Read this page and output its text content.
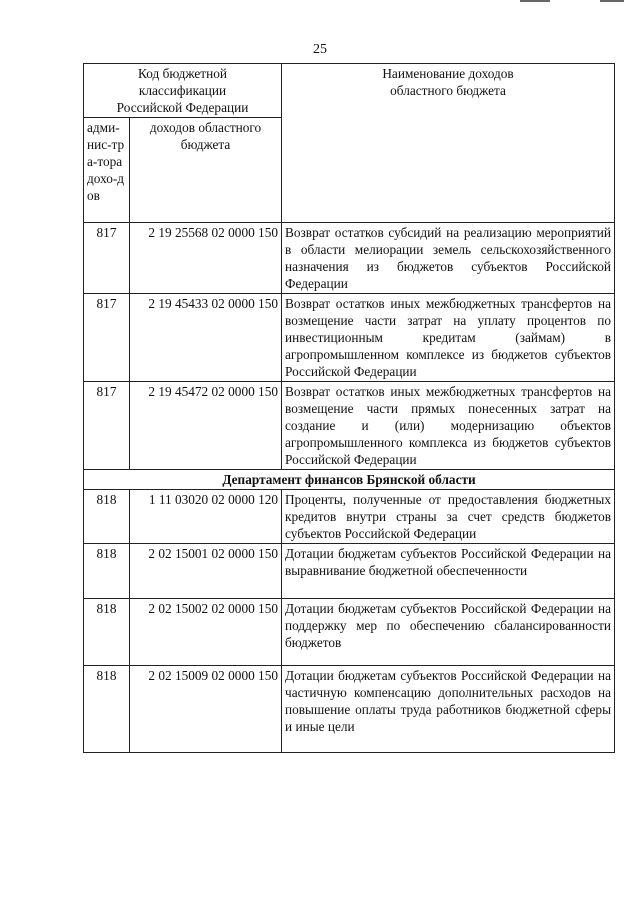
25
Код бюджетной классификации Российской Федерации		Наименование доходов областного бюджета

адми-нис-тра-тора дохо-дов	доходов областного бюджета	
817	2 19 25568 02 0000 150	Возврат остатков субсидий на реализацию мероприятий в области мелиорации земель сельскохозяйственного назначения из бюджетов субъектов Российской Федерации
817	2 19 45433 02 0000 150	Возврат остатков иных межбюджетных трансфертов на возмещение части затрат на уплату процентов по инвестиционным кредитам (займам) в агропромышленном комплексе из бюджетов субъектов Российской Федерации
817	2 19 45472 02 0000 150	Возврат остатков иных межбюджетных трансфертов на возмещение части прямых понесенных затрат на создание и (или) модернизацию объектов агропромышленного комплекса из бюджетов субъектов Российской Федерации
Департамент финансов Брянской области		
818	1 11 03020 02 0000 120	Проценты, полученные от предоставления бюджетных кредитов внутри страны за счет средств бюджетов субъектов Российской Федерации
818	2 02 15001 02 0000 150	Дотации бюджетам субъектов Российской Федерации на выравнивание бюджетной обеспеченности
818	2 02 15002 02 0000 150	Дотации бюджетам субъектов Российской Федерации на поддержку мер по обеспечению сбалансированности бюджетов
818	2 02 15009 02 0000 150	Дотации бюджетам субъектов Российской Федерации на частичную компенсацию дополнительных расходов на повышение оплаты труда работников бюджетной сферы и иные цели
